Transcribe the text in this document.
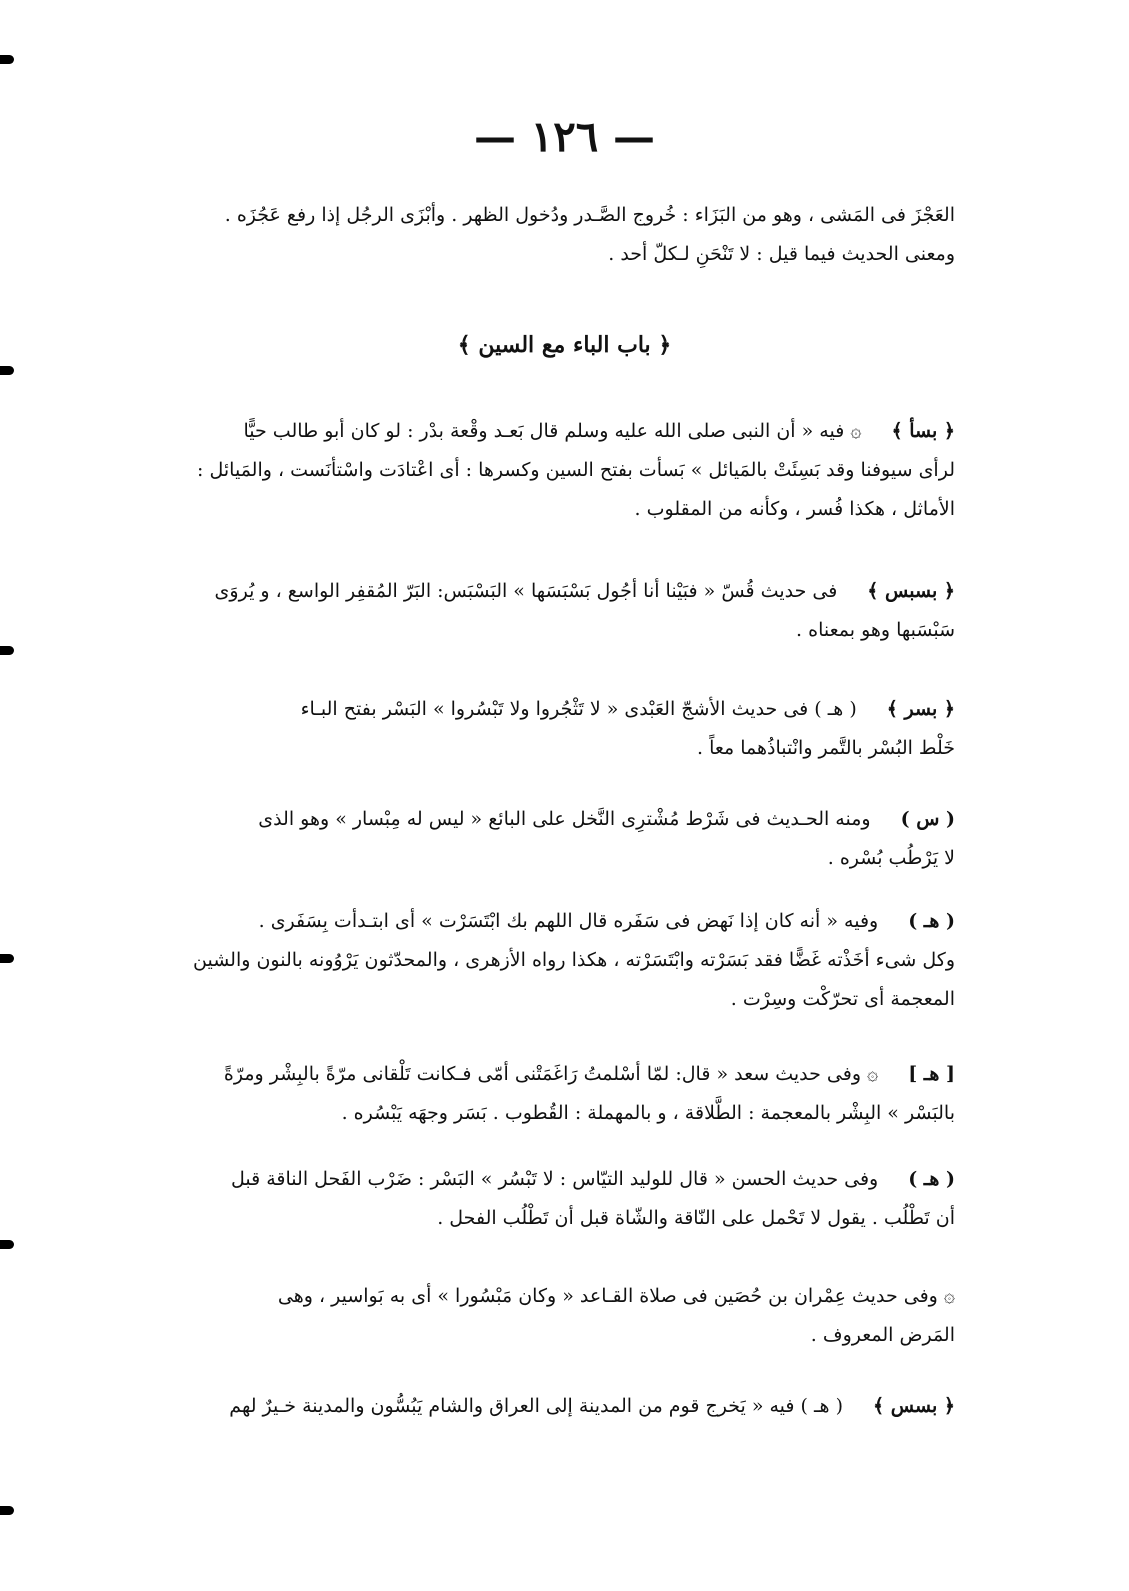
— ١٢٦ —
العَجْزَ فى المَشى ، وهو من البَزَاء : خُروج الصَّـدر ودُخول الظهر . وأبْزَى الرجُل إذا رفع عَجُزَه .
ومعنى الحديث فيما قيل : لا تَنْحَنِ لـكلّ أحد .
﴿ باب الباء مع السين ﴾
﴿ بسأ ﴾۞ فيه « أن النبى صلى الله عليه وسلم قال بَعـد وقْعة بدْر : لو كان أبو طالب حيًّا
لرأى سيوفنا وقد بَسِئَتْ بالمَيائل » بَسأت بفتح السين وكسرها : أى اعْتادَت واسْتأنَست ، والمَيائل :
الأماثل ، هكذا فُسر ، وكأنه من المقلوب .
﴿ بسبس ﴾فى حديث قُسّ « فبَيْنا أنا أجُول بَسْبَسَها » البَسْبَس: البَرّ المُقفِر الواسع ، و يُروَى
سَبْسَبها وهو بمعناه .
﴿ بسر ﴾( هـ ) فى حديث الأشجّ العَبْدى « لا تَثْجُروا ولا تَبْسُروا » البَسْر بفتح البـاء
خَلْط البُسْر بالتَّمر وانْتباذُهما معاً .
( س )ومنه الحـديث فى شَرْط مُشْترِى النَّخل على البائع « ليس له مِبْسار » وهو الذى
لا يَرْطُب بُسْره .
( هـ )وفيه « أنه كان إذا نَهض فى سَفَره قال اللهم بك ابْتَسَرْت » أى ابتـدأت بِسَفَرى .
وكل شىء أخَذْته غَضًّا فقد بَسَرْته وابْتَسَرْته ، هكذا رواه الأزهرى ، والمحدّثون يَرْوُونه بالنون والشين
المعجمة أى تحرّكْت وسِرْت .
[ هـ ]۞ وفى حديث سعد « قال: لمّا أسْلمتُ رَاغَمَتْنى أمّى فـكانت تَلْقانى مرّةً بالبِشْر ومرّةً
بالبَسْر » البِشْر بالمعجمة : الطَّلاقة ، و بالمهملة : القُطوب . بَسَر وجهَه يَبْسُره .
( هـ )وفى حديث الحسن « قال للوليد التيّاس : لا تَبْسُر » البَسْر : ضَرْب الفَحل الناقة قبل
أن تَطْلُب . يقول لا تَحْمل على النّاقة والشّاة قبل أن تَطْلُب الفحل .
۞ وفى حديث عِمْران بن حُصَين فى صلاة القـاعد « وكان مَبْسُورا » أى به بَواسير ، وهى
المَرض المعروف .
﴿ بسس ﴾( هـ ) فيه « يَخرج قوم من المدينة إلى العراق والشام يَبُسُّون والمدينة خـيرٌ لهم
